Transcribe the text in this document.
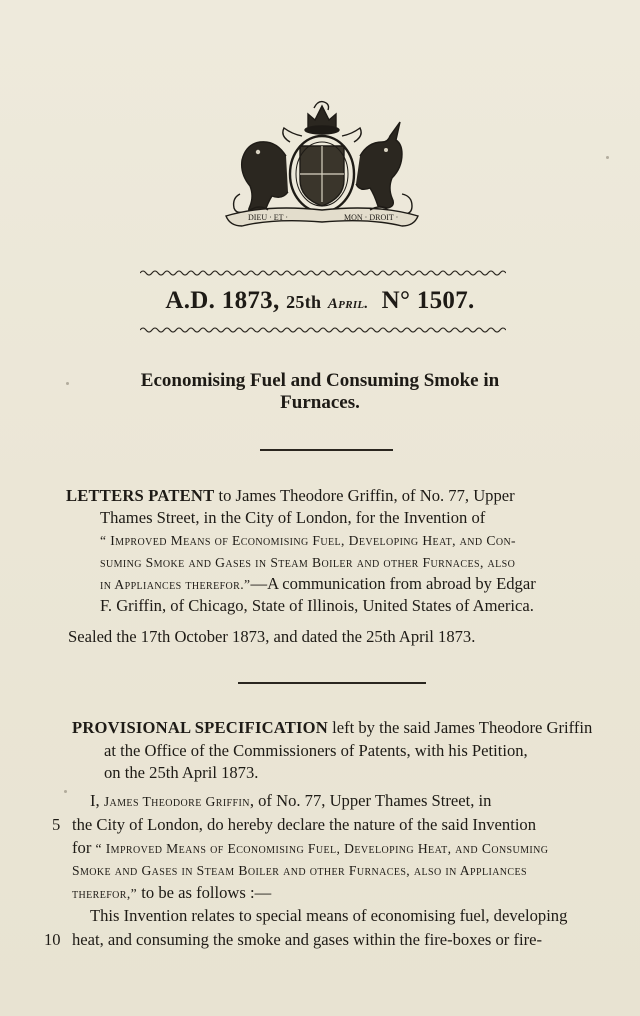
DIEU · ET ·	MON · DROIT ·
A.D. 1873, 25th April. N° 1507.
Economising Fuel and Consuming Smoke in
Furnaces.

LETTERS PATENT to James Theodore Griffin, of No. 77, Upper

Thames Street, in the City of London, for the Invention of

“ Improved Means of Economising Fuel, Developing Heat, and Con-

suming Smoke and Gases in Steam Boiler and other Furnaces, also

in Appliances therefor.”—A communication from abroad by Edgar

F. Griffin, of Chicago, State of Illinois, United States of America.

Sealed the 17th October 1873, and dated the 25th April 1873.

PROVISIONAL SPECIFICATION left by the said James Theodore Griffin

at the Office of the Commissioners of Patents, with his Petition,

on the 25th April 1873.

I, James Theodore Griffin, of No. 77, Upper Thames Street, in

5 the City of London, do hereby declare the nature of the said Invention

for “ Improved Means of Economising Fuel, Developing Heat, and Consuming

Smoke and Gases in Steam Boiler and other Furnaces, also in Appliances

therefor,” to be as follows :—

This Invention relates to special means of economising fuel, developing

10 heat, and consuming the smoke and gases within the fire-boxes or fire-
